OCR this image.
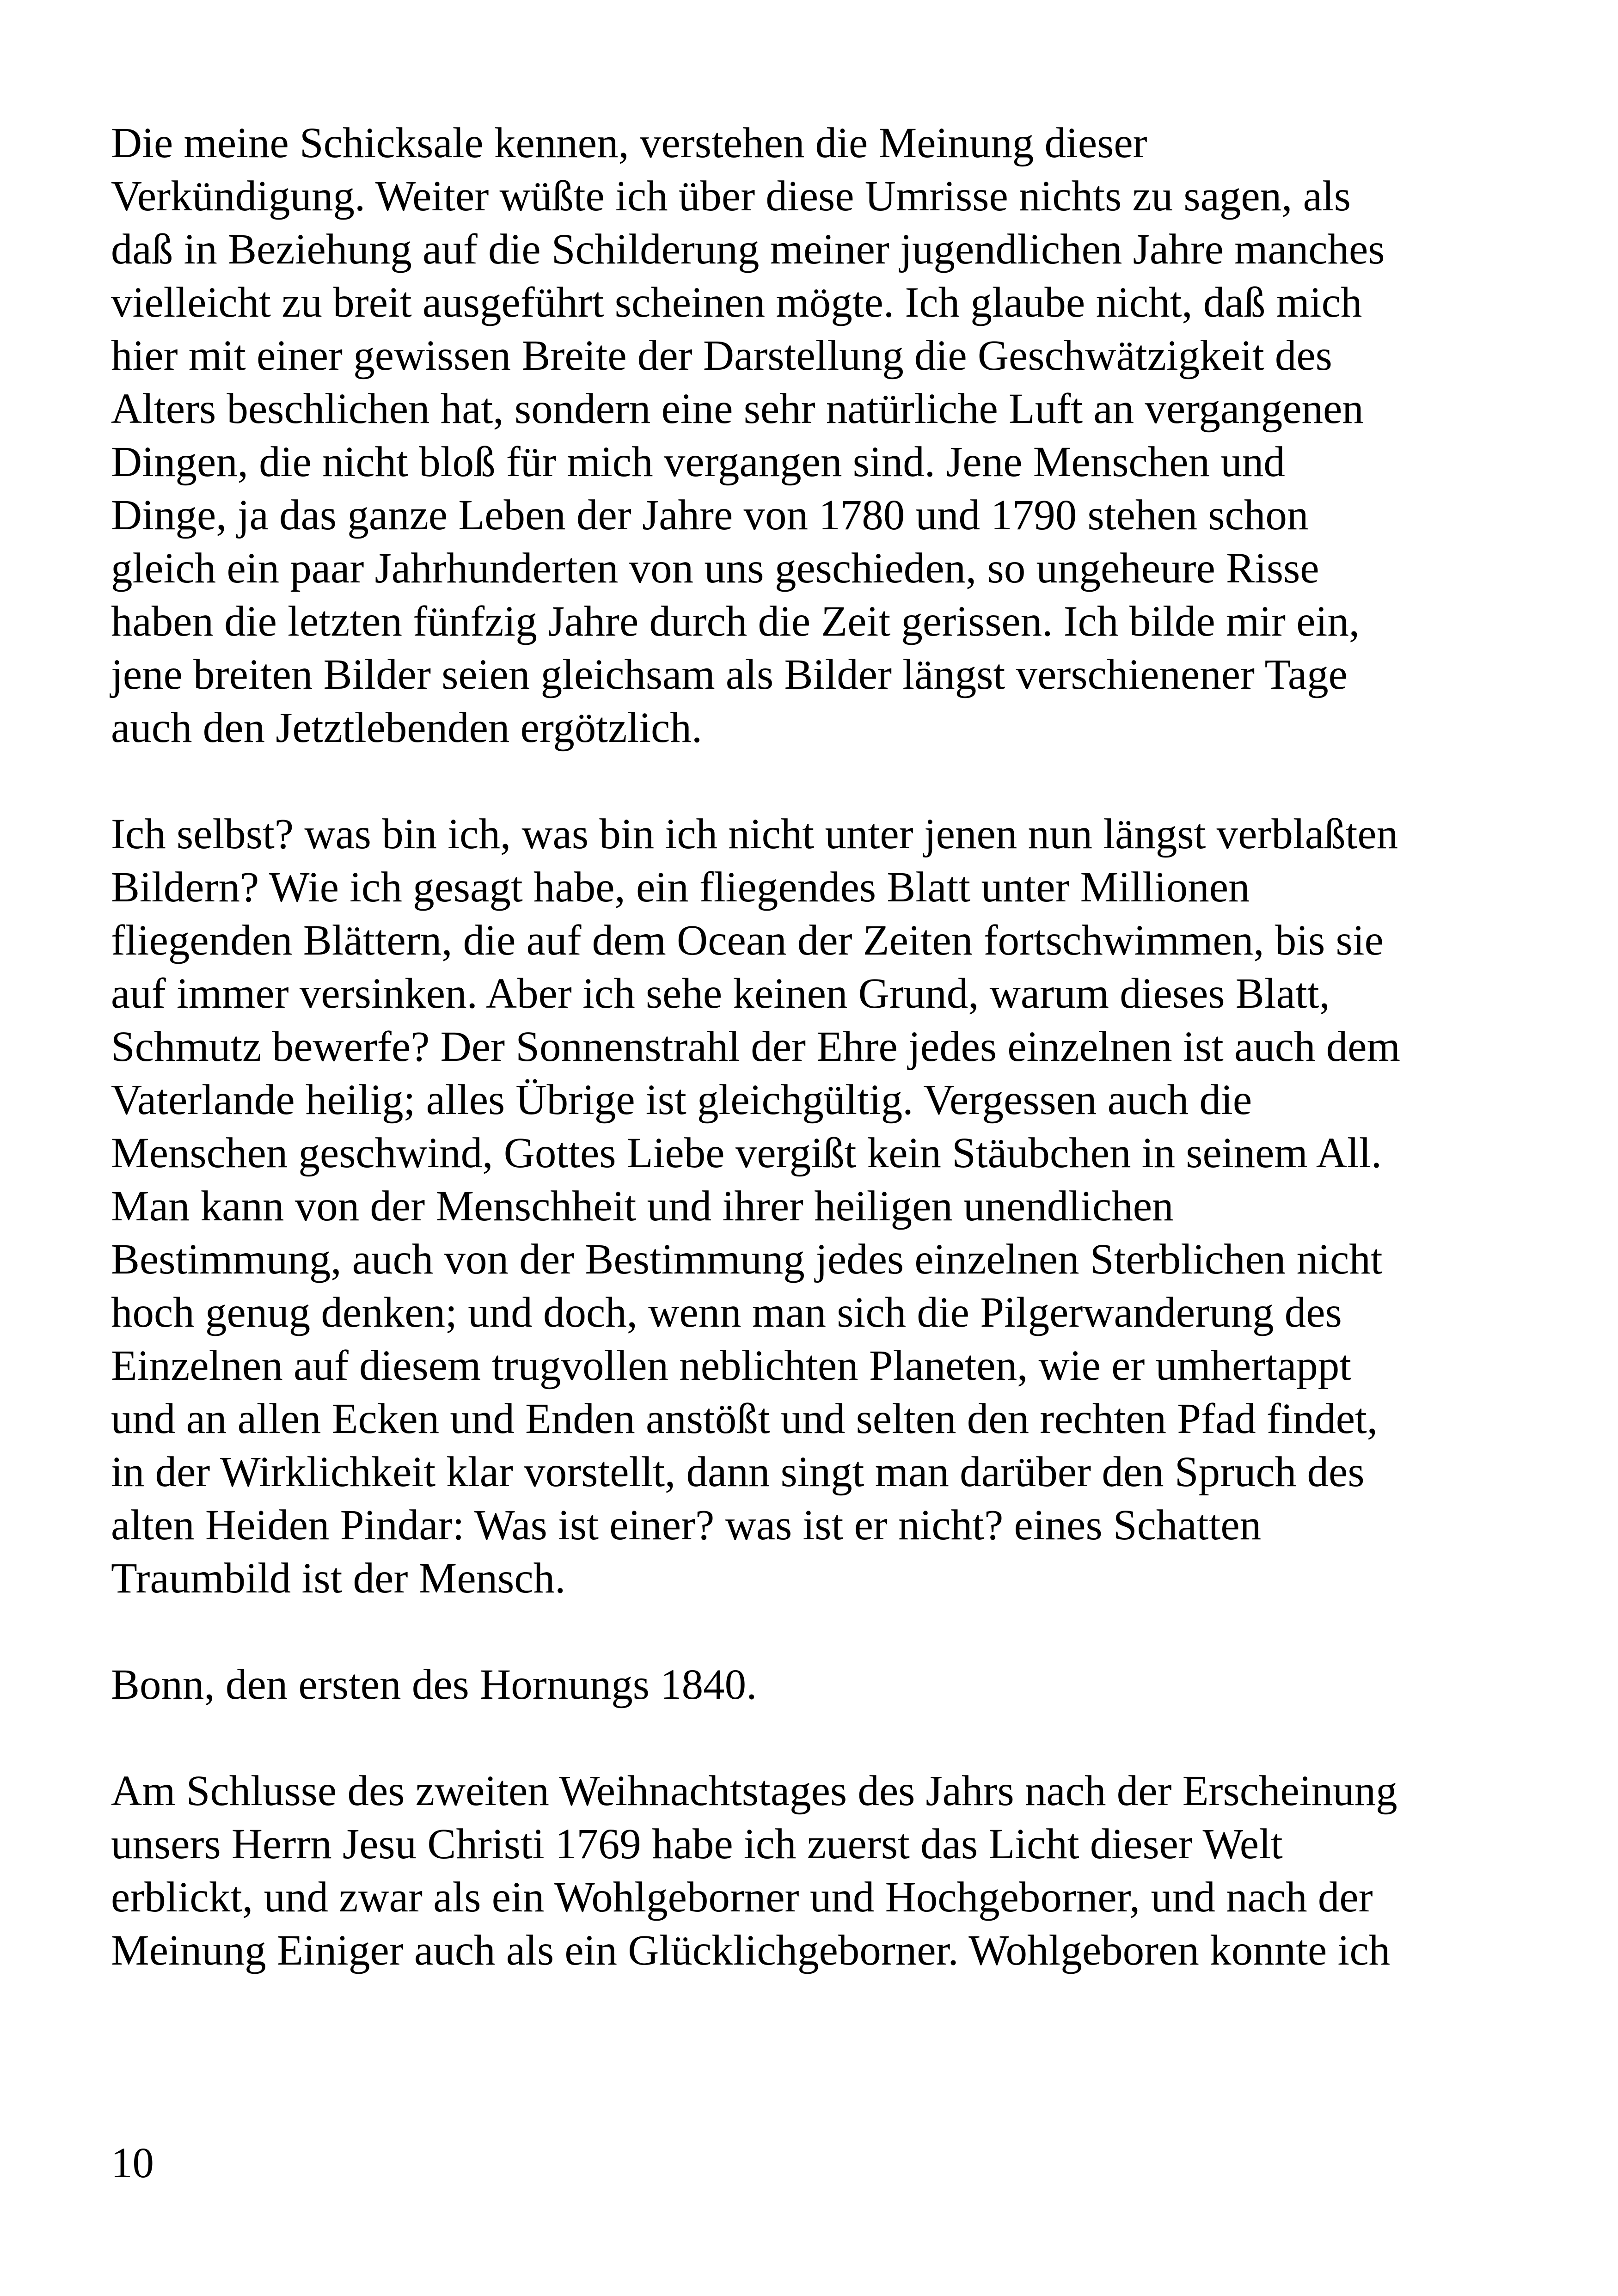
Die meine Schicksale kennen, verstehen die Meinung dieser
Verkündigung. Weiter wüßte ich über diese Umrisse nichts zu sagen, als
daß in Beziehung auf die Schilderung meiner jugendlichen Jahre manches
vielleicht zu breit ausgeführt scheinen mögte. Ich glaube nicht, daß mich
hier mit einer gewissen Breite der Darstellung die Geschwätzigkeit des
Alters beschlichen hat, sondern eine sehr natürliche Luft an vergangenen
Dingen, die nicht bloß für mich vergangen sind. Jene Menschen und
Dinge, ja das ganze Leben der Jahre von 1780 und 1790 stehen schon
gleich ein paar Jahrhunderten von uns geschieden, so ungeheure Risse
haben die letzten fünfzig Jahre durch die Zeit gerissen. Ich bilde mir ein,
jene breiten Bilder seien gleichsam als Bilder längst verschienener Tage
auch den Jetztlebenden ergötzlich.

Ich selbst? was bin ich, was bin ich nicht unter jenen nun längst verblaßten
Bildern? Wie ich gesagt habe, ein fliegendes Blatt unter Millionen
fliegenden Blättern, die auf dem Ocean der Zeiten fortschwimmen, bis sie
auf immer versinken. Aber ich sehe keinen Grund, warum dieses Blatt,
Schmutz bewerfe? Der Sonnenstrahl der Ehre jedes einzelnen ist auch dem
Vaterlande heilig; alles Übrige ist gleichgültig. Vergessen auch die
Menschen geschwind, Gottes Liebe vergißt kein Stäubchen in seinem All.
Man kann von der Menschheit und ihrer heiligen unendlichen
Bestimmung, auch von der Bestimmung jedes einzelnen Sterblichen nicht
hoch genug denken; und doch, wenn man sich die Pilgerwanderung des
Einzelnen auf diesem trugvollen neblichten Planeten, wie er umhertappt
und an allen Ecken und Enden anstößt und selten den rechten Pfad findet,
in der Wirklichkeit klar vorstellt, dann singt man darüber den Spruch des
alten Heiden Pindar: Was ist einer? was ist er nicht? eines Schatten
Traumbild ist der Mensch.

Bonn, den ersten des Hornungs 1840.

Am Schlusse des zweiten Weihnachtstages des Jahrs nach der Erscheinung
unsers Herrn Jesu Christi 1769 habe ich zuerst das Licht dieser Welt
erblickt, und zwar als ein Wohlgeborner und Hochgeborner, und nach der
Meinung Einiger auch als ein Glücklichgeborner. Wohlgeboren konnte ich

10
